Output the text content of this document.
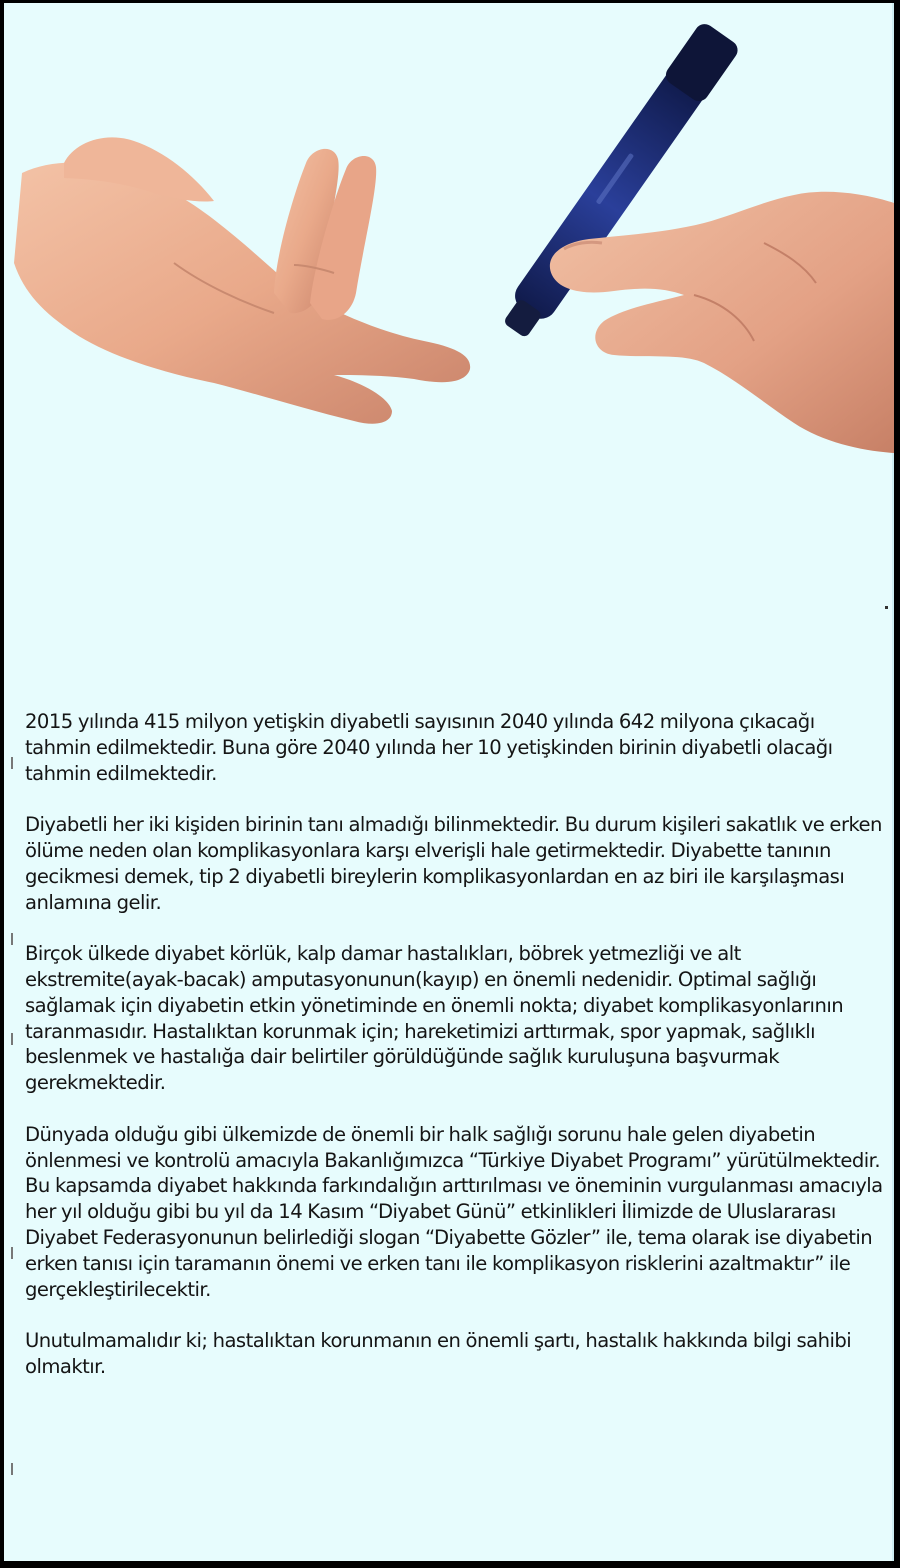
2015 yılında 415 milyon yetişkin diyabetli sayısının 2040 yılında 642 milyona çıkacağı tahmin edilmektedir. Buna göre 2040 yılında her 10 yetişkinden birinin diyabetli olacağı tahmin edilmektedir.

Diyabetli her iki kişiden birinin tanı almadığı bilinmektedir. Bu durum kişileri sakatlık ve erken ölüme neden olan komplikasyonlara karşı elverişli hale getirmektedir. Diyabette tanının gecikmesi demek, tip 2 diyabetli bireylerin komplikasyonlardan en az biri ile karşılaşması anlamına gelir.

Birçok ülkede diyabet körlük, kalp damar hastalıkları, böbrek yetmezliği ve alt ekstremite(ayak-bacak) amputasyonunun(kayıp) en önemli nedenidir. Optimal sağlığı sağlamak için diyabetin etkin yönetiminde en önemli nokta; diyabet komplikasyonlarının taranmasıdır. Hastalıktan korunmak için; hareketimizi arttırmak, spor yapmak, sağlıklı beslenmek ve hastalığa dair belirtiler görüldüğünde sağlık kuruluşuna başvurmak gerekmektedir.

Dünyada olduğu gibi ülkemizde de önemli bir halk sağlığı sorunu hale gelen diyabetin önlenmesi ve kontrolü amacıyla Bakanlığımızca “Türkiye Diyabet Programı” yürütülmektedir. Bu kapsamda diyabet hakkında farkındalığın arttırılması ve öneminin vurgulanması amacıyla her yıl olduğu gibi bu yıl da 14 Kasım “Diyabet Günü” etkinlikleri İlimizde de Uluslararası Diyabet Federasyonunun belirlediği slogan “Diyabette Gözler” ile, tema olarak ise diyabetin erken tanısı için taramanın önemi ve erken tanı ile komplikasyon risklerini azaltmaktır” ile gerçekleştirilecektir.

Unutulmamalıdır ki; hastalıktan korunmanın en önemli şartı, hastalık hakkında bilgi sahibi olmaktır.
